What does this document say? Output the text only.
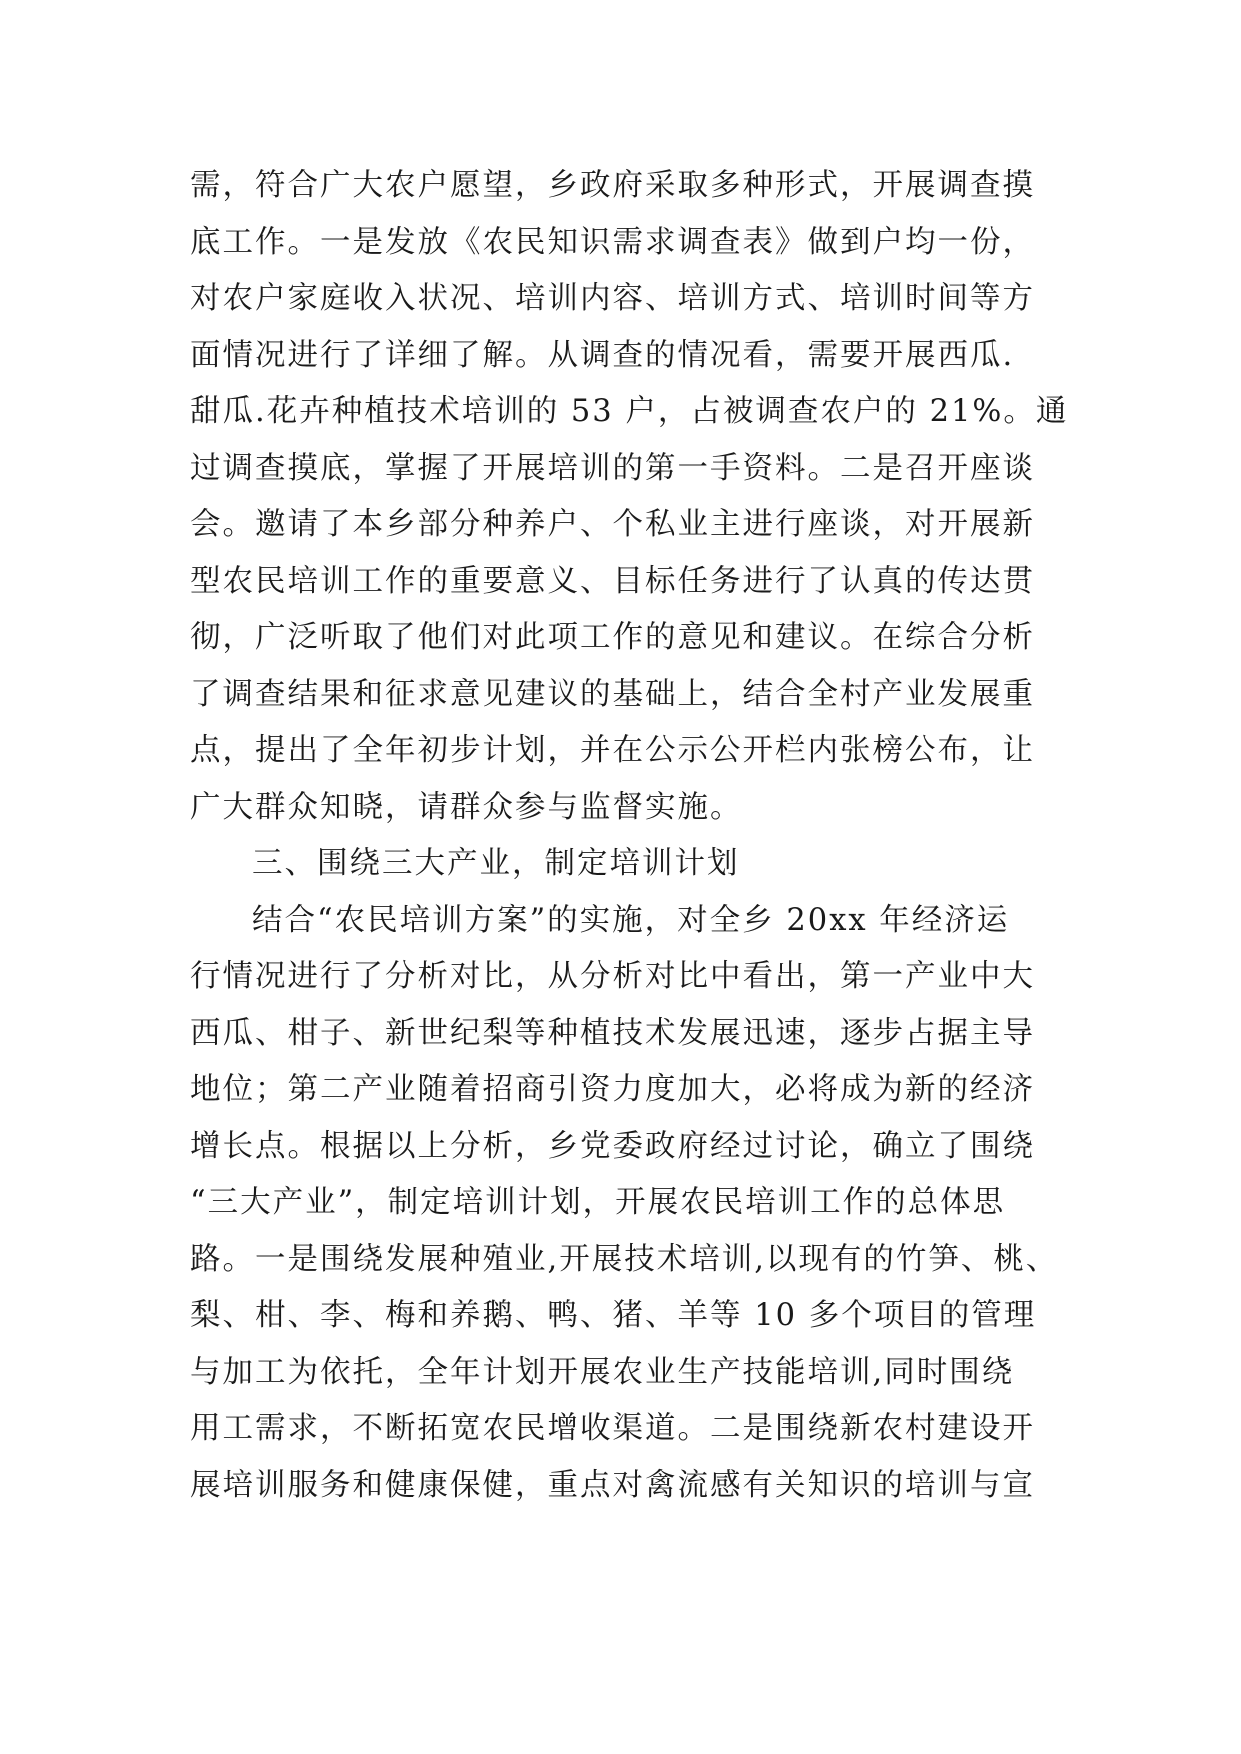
需，符合广大农户愿望，乡政府采取多种形式，开展调查摸
底工作。一是发放《农民知识需求调查表》做到户均一份，
对农户家庭收入状况、培训内容、培训方式、培训时间等方
面情况进行了详细了解。从调查的情况看，需要开展西瓜.
甜瓜.花卉种植技术培训的 53 户，占被调查农户的 21%。通
过调查摸底，掌握了开展培训的第一手资料。二是召开座谈
会。邀请了本乡部分种养户、个私业主进行座谈，对开展新
型农民培训工作的重要意义、目标任务进行了认真的传达贯
彻，广泛听取了他们对此项工作的意见和建议。在综合分析
了调查结果和征求意见建议的基础上，结合全村产业发展重
点，提出了全年初步计划，并在公示公开栏内张榜公布，让
广大群众知晓，请群众参与监督实施。
三、围绕三大产业，制定培训计划
结合“农民培训方案”的实施，对全乡 20xx 年经济运
行情况进行了分析对比，从分析对比中看出，第一产业中大
西瓜、柑子、新世纪梨等种植技术发展迅速，逐步占据主导
地位；第二产业随着招商引资力度加大，必将成为新的经济
增长点。根据以上分析，乡党委政府经过讨论，确立了围绕
“三大产业”，制定培训计划，开展农民培训工作的总体思
路。一是围绕发展种殖业,开展技术培训,以现有的竹笋、桃、
梨、柑、李、梅和养鹅、鸭、猪、羊等 10 多个项目的管理
与加工为依托，全年计划开展农业生产技能培训,同时围绕
用工需求，不断拓宽农民增收渠道。二是围绕新农村建设开
展培训服务和健康保健，重点对禽流感有关知识的培训与宣
